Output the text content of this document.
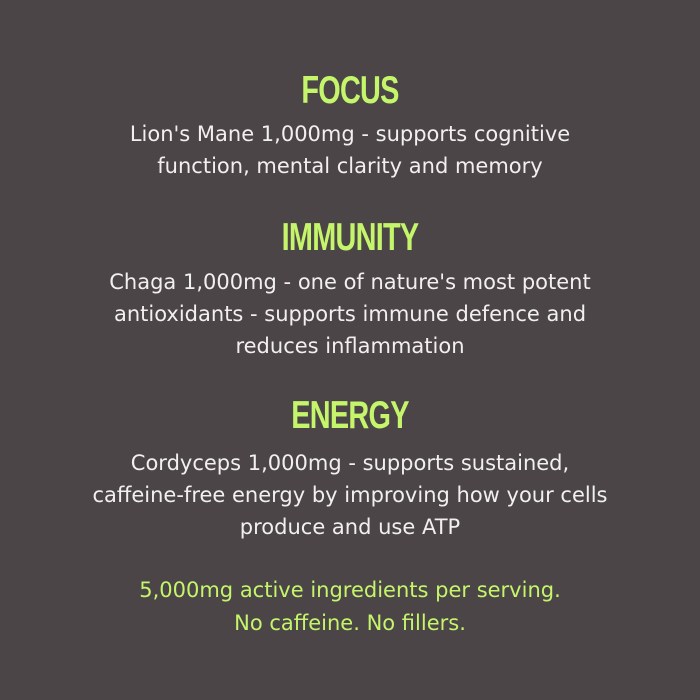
FOCUS
Lion's Mane 1,000mg - supports cognitive
function, mental clarity and memory
IMMUNITY
Chaga 1,000mg - one of nature's most potent
antioxidants - supports immune defence and
reduces inflammation
ENERGY
Cordyceps 1,000mg - supports sustained,
caffeine-free energy by improving how your cells
produce and use ATP
5,000mg active ingredients per serving.
No caffeine. No fillers.
